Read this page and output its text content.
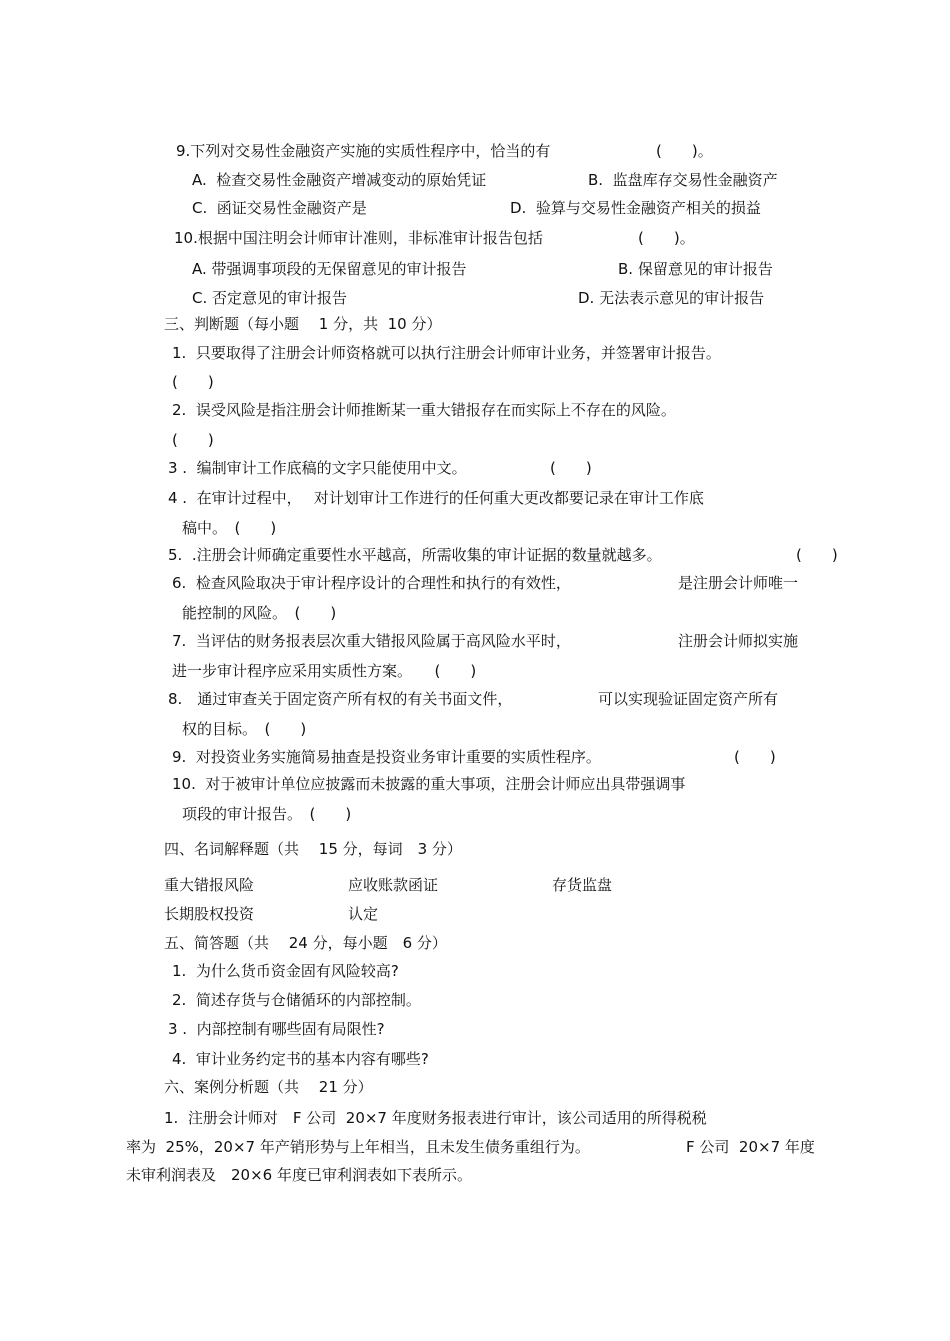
9.下列对交易性金融资产实施的实质性程序中，恰当的有	(　　)。
A.  检查交易性金融资产增减变动的原始凭证	B.  监盘库存交易性金融资产
C.  函证交易性金融资产是	D.  验算与交易性金融资产相关的损益
10.根据中国注明会计师审计准则，非标准审计报告包括	(　　)。
A. 带强调事项段的无保留意见的审计报告	B. 保留意见的审计报告
C. 否定意见的审计报告	D. 无法表示意见的审计报告
三、判断题（每小题　 1 分，共  10 分）
1.  只要取得了注册会计师资格就可以执行注册会计师审计业务，并签署审计报告。
(　　)
2.  误受风险是指注册会计师推断某一重大错报存在而实际上不存在的风险。
(　　)
3 .  编制审计工作底稿的文字只能使用中文。	(　　)
4 .  在审计过程中，　 对计划审计工作进行的任何重大更改都要记录在审计工作底
稿中。　(　　)
5.  .注册会计师确定重要性水平越高，所需收集的审计证据的数量就越多。	(　　)
6.  检查风险取决于审计程序设计的合理性和执行的有效性，	是注册会计师唯一
能控制的风险。　(　　)
7.  当评估的财务报表层次重大错报风险属于高风险水平时，	注册会计师拟实施
进一步审计程序应采用实质性方案。　　(　　)
8.　通过审查关于固定资产所有权的有关书面文件，	可以实现验证固定资产所有
权的目标。　(　　)
9.  对投资业务实施简易抽查是投资业务审计重要的实质性程序。	(　　)
10.  对于被审计单位应披露而未披露的重大事项，注册会计师应出具带强调事
项段的审计报告。　(　　)
四、名词解释题（共　 15 分，每词　3 分）
重大错报风险	应收账款函证	存货监盘
长期股权投资	认定
五、简答题（共　 24 分，每小题　6 分）
1.  为什么货币资金固有风险较高?
2.  简述存货与仓储循环的内部控制。
3 .  内部控制有哪些固有局限性?
4.  审计业务约定书的基本内容有哪些?
六、案例分析题（共　 21 分）
1.  注册会计师对　F 公司  20×7 年度财务报表进行审计，该公司适用的所得税税
率为  25%，20×7 年产销形势与上年相当，且未发生债务重组行为。	F 公司  20×7 年度
未审利润表及　20×6 年度已审利润表如下表所示。
